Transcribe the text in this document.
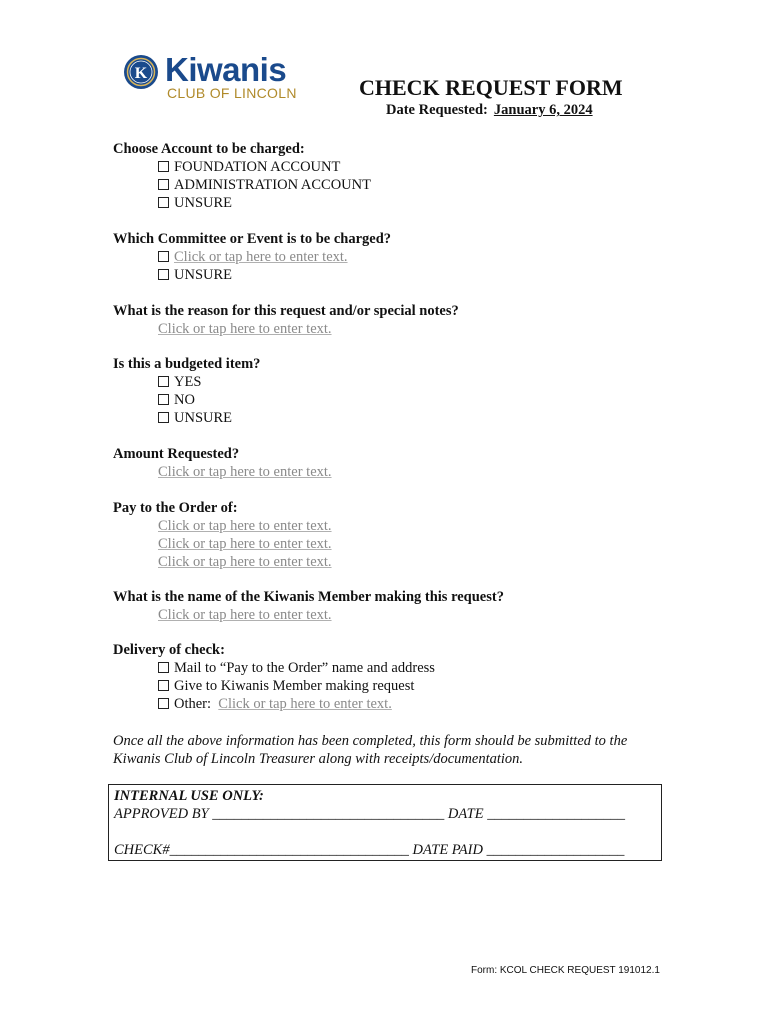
K Kiwanis
CLUB OF LINCOLN	CHECK REQUEST FORM
Date Requested: January 6, 2024
Choose Account to be charged:
FOUNDATION ACCOUNT
ADMINISTRATION ACCOUNT
UNSURE
Which Committee or Event is to be charged?
Click or tap here to enter text.
UNSURE
What is the reason for this request and/or special notes?
Click or tap here to enter text.
Is this a budgeted item?
YES
NO
UNSURE
Amount Requested?
Click or tap here to enter text.
Pay to the Order of:
Click or tap here to enter text.
Click or tap here to enter text.
Click or tap here to enter text.
What is the name of the Kiwanis Member making this request?
Click or tap here to enter text.
Delivery of check:
Mail to “Pay to the Order” name and address
Give to Kiwanis Member making request
Other: Click or tap here to enter text.
Once all the above information has been completed, this form should be submitted to the
Kiwanis Club of Lincoln Treasurer along with receipts/documentation.
INTERNAL USE ONLY:
APPROVED BY ________________________________ DATE ___________________
CHECK#_________________________________ DATE PAID ___________________
Form: KCOL CHECK REQUEST 191012.1
